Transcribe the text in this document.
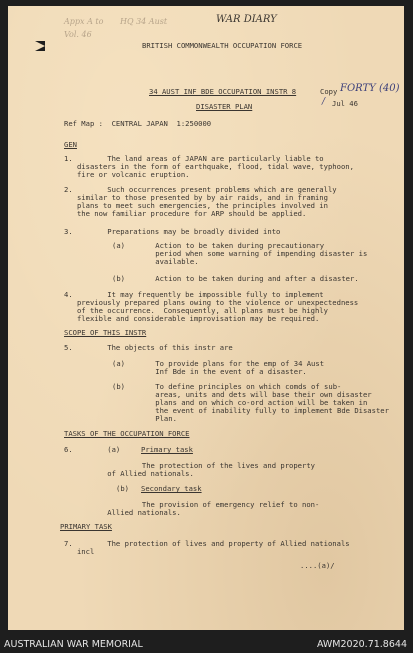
Appx A to HQ 34 Aust
Vol. 46
WAR DIARY
BRITISH COMMONWEALTH OCCUPATION FORCE
34 AUST INF BDE OCCUPATION INSTR 8	Copy FORTY (40)
/ Jul 46
DISASTER PLAN
Ref Map :  CENTRAL JAPAN  1:250000
GEN
1.        The land areas of JAPAN are particularly liable to
disasters in the form of earthquake, flood, tidal wave, typhoon,
fire or volcanic eruption.
2.        Such occurrences present problems which are generally
similar to those presented by by air raids, and in framing
plans to meet such emergencies, the principles involved in
the now familiar procedure for ARP should be applied.
3.        Preparations may be broadly divided into
(a)       Action to be taken during precautionary
period when some warning of impending disaster is
available.
(b)       Action to be taken during and after a disaster.
4.        It may frequently be impossible fully to implement
previously prepared plans owing to the violence or unexpectedness
of the occurrence.  Consequently, all plans must be highly
flexible and considerable improvisation may be required.
SCOPE OF THIS INSTR
5.        The objects of this instr are
(a)       To provide plans for the emp of 34 Aust
Inf Bde in the event of a disaster.
(b)       To define principles on which comds of sub-
areas, units and dets will base their own disaster
plans and on which co-ord action will be taken in
the event of inability fully to implement Bde Disaster
Plan.
TASKS OF THE OCCUPATION FORCE
6.        (a)	Primary task
The protection of the lives and property
of Allied nationals.
(b) Secondary task
The provision of emergency relief to non-
Allied nationals.
PRIMARY TASK
7.        The protection of lives and property of Allied nationals
incl
....(a)/
AUSTRALIAN WAR MEMORIAL	AWM2020.71.8644
